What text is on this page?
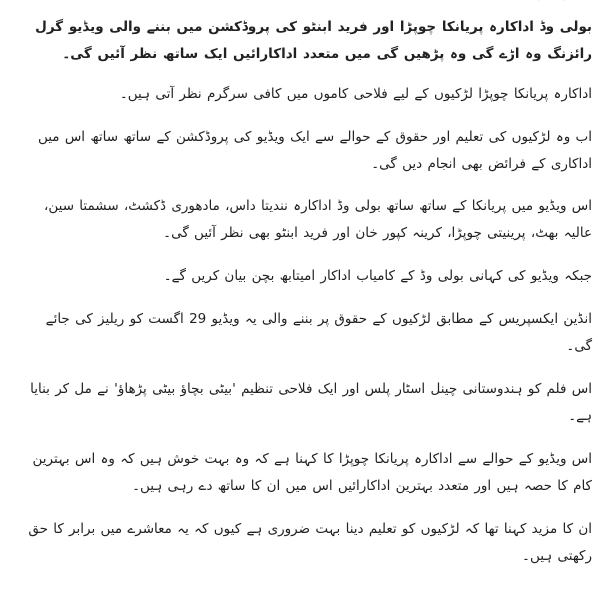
بولی وڈ اداکارہ پریانکا چوپڑا اور فرید ابنٹو کی پروڈکشن میں بننے والی ویڈیو گرل رائزنگ وہ اڑے گی وہ پڑھیں گی میں متعدد اداکارائیں ایک ساتھ نظر آئیں گی۔

اداکارہ پریانکا چوپڑا لڑکیوں کے لیے فلاحی کاموں میں کافی سرگرم نظر آتی ہیں۔

اب وہ لڑکیوں کی تعلیم اور حقوق کے حوالے سے ایک ویڈیو کی پروڈکشن کے ساتھ ساتھ اس میں اداکاری کے فرائض بھی انجام دیں گی۔

اس ویڈیو میں پریانکا کے ساتھ ساتھ بولی وڈ اداکارہ نندیتا داس، مادھوری ڈکشٹ، سشمتا سین، عالیہ بھٹ، پرینیتی چوپڑا، کرینہ کپور خان اور فرید ابنٹو بھی نظر آئیں گی۔

جبکہ ویڈیو کی کہانی بولی وڈ کے کامیاب اداکار امیتابھ بچن بیان کریں گے۔

انڈین ایکسپریس کے مطابق لڑکیوں کے حقوق پر بننے والی یہ ویڈیو 29 اگست کو ریلیز کی جائے گی۔

اس فلم کو ہندوستانی چینل اسٹار پلس اور ایک فلاحی تنظیم 'بیٹی بچاؤ بیٹی پڑھاؤ' نے مل کر بنایا ہے۔

اس ویڈیو کے حوالے سے اداکارہ پریانکا چوپڑا کا کہنا ہے کہ وہ بہت خوش ہیں کہ وہ اس بہترین کام کا حصہ ہیں اور متعدد بہترین اداکارائیں اس میں ان کا ساتھ دے رہی ہیں۔

ان کا مزید کہنا تھا کہ لڑکیوں کو تعلیم دینا بہت ضروری ہے کیوں کہ یہ معاشرے میں برابر کا حق رکھتی ہیں۔
